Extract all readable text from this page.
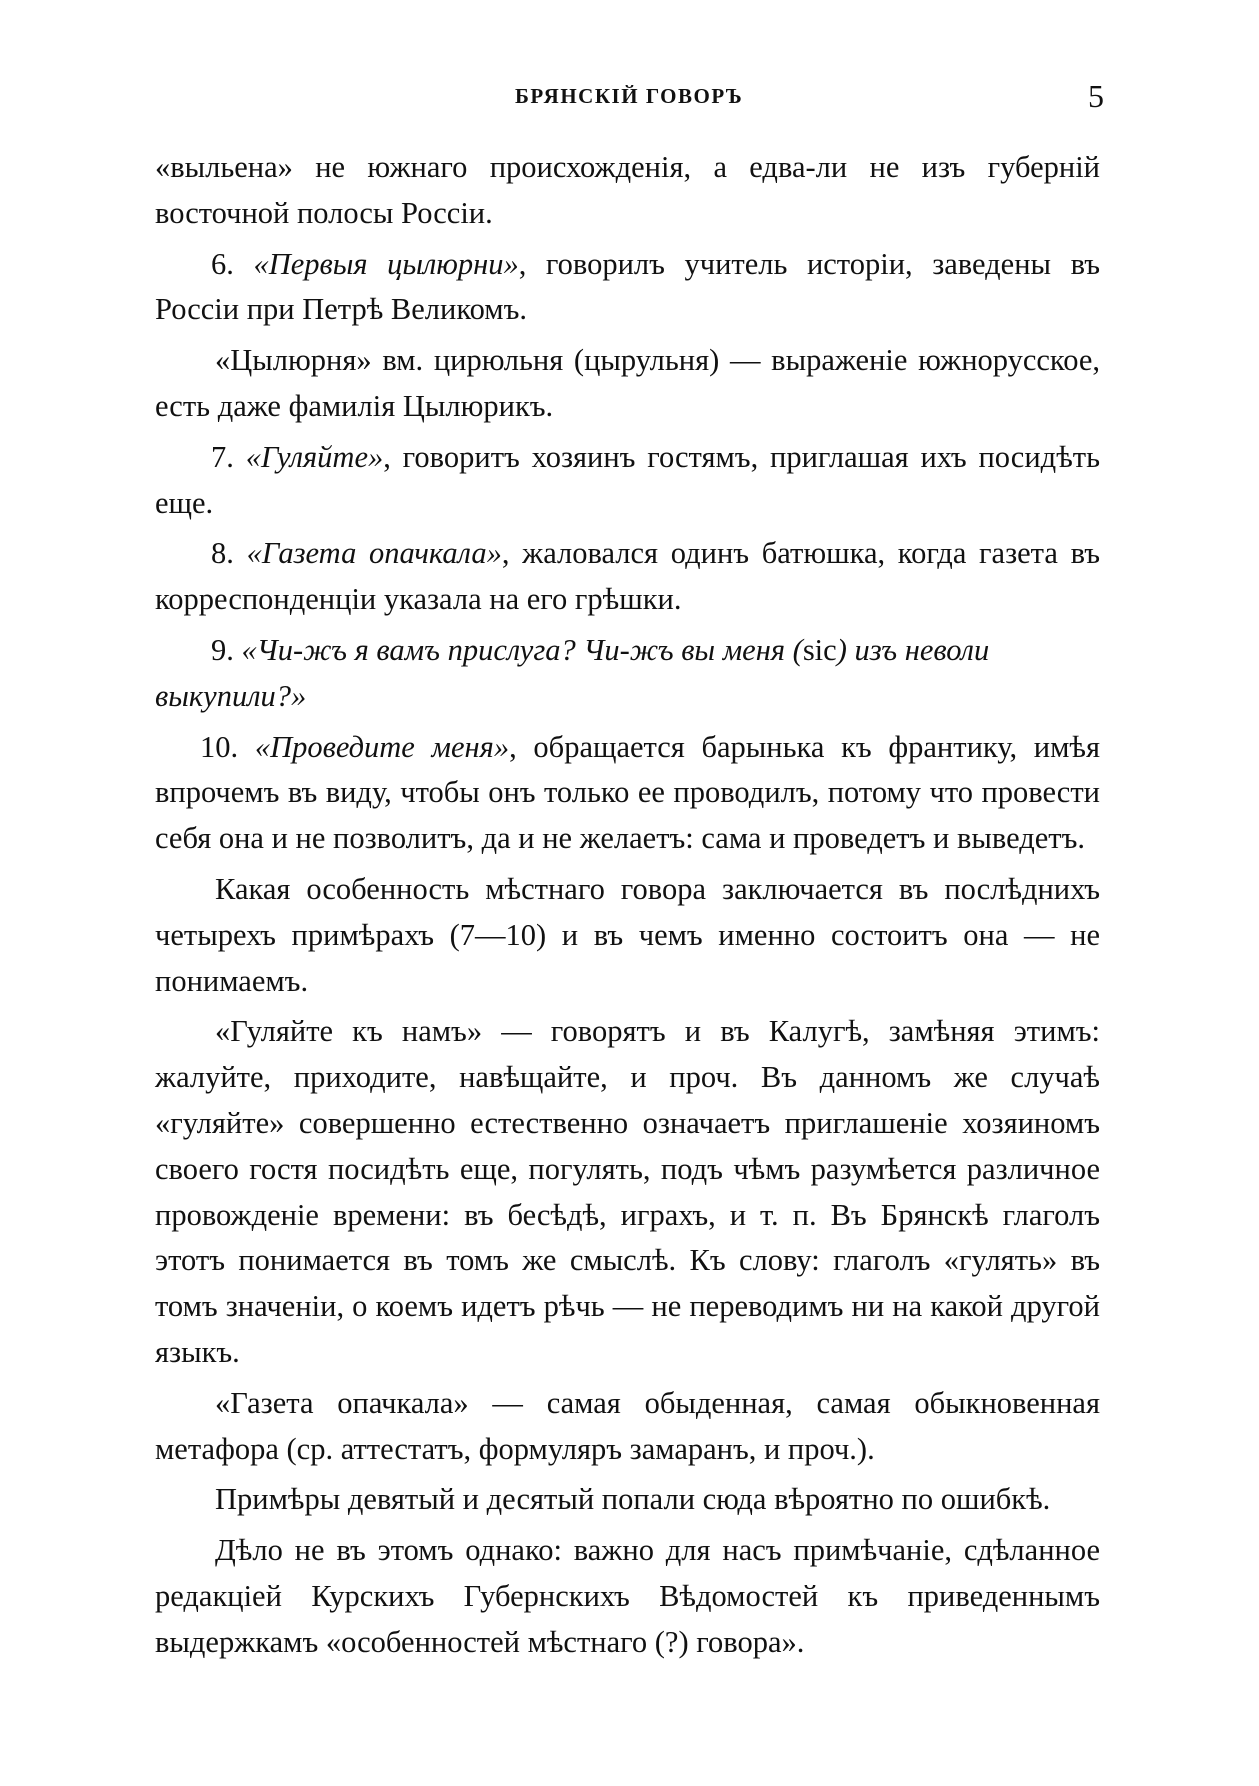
БРЯНСКІЙ ГОВОРЪ	5

«выльена» не южнаго происхожденія, а едва-ли не изъ губерній восточной полосы Россіи.

6. «Первыя цылюрни», говорилъ учитель исторіи, заведены въ Россіи при Петрѣ Великомъ.

«Цылюрня» вм. цирюльня (цырульня) — выраженіе южнорусское, есть даже фамилія Цылюрикъ.

7. «Гуляйте», говоритъ хозяинъ гостямъ, приглашая ихъ посидѣть еще.

8. «Газета опачкала», жаловался одинъ батюшка, когда газета въ корреспонденціи указала на его грѣшки.

9. «Чи-жъ я вамъ прислуга? Чи-жъ вы меня (sic) изъ неволи выкупили?»

10. «Проведите меня», обращается барынька къ франтику, имѣя впрочемъ въ виду, чтобы онъ только ее проводилъ, потому что провести себя она и не позволитъ, да и не желаетъ: сама и проведетъ и выведетъ.

Какая особенность мѣстнаго говора заключается въ послѣднихъ четырехъ примѣрахъ (7—10) и въ чемъ именно состоитъ она — не понимаемъ.

«Гуляйте къ намъ» — говорятъ и въ Калугѣ, замѣняя этимъ: жалуйте, приходите, навѣщайте, и проч. Въ данномъ же случаѣ «гуляйте» совершенно естественно означаетъ приглашеніе хозяиномъ своего гостя посидѣть еще, погулять, подъ чѣмъ разумѣется различное провожденіе времени: въ бесѣдѣ, играхъ, и т. п. Въ Брянскѣ глаголъ этотъ понимается въ томъ же смыслѣ. Къ слову: глаголъ «гулять» въ томъ значеніи, о коемъ идетъ рѣчь — не переводимъ ни на какой другой языкъ.

«Газета опачкала» — самая обыденная, самая обыкновенная метафора (ср. аттестатъ, формуляръ замаранъ, и проч.).

Примѣры девятый и десятый попали сюда вѣроятно по ошибкѣ.

Дѣло не въ этомъ однако: важно для насъ примѣчаніе, сдѣланное редакціей Курскихъ Губернскихъ Вѣдомостей къ приведеннымъ выдержкамъ «особенностей мѣстнаго (?) говора».
